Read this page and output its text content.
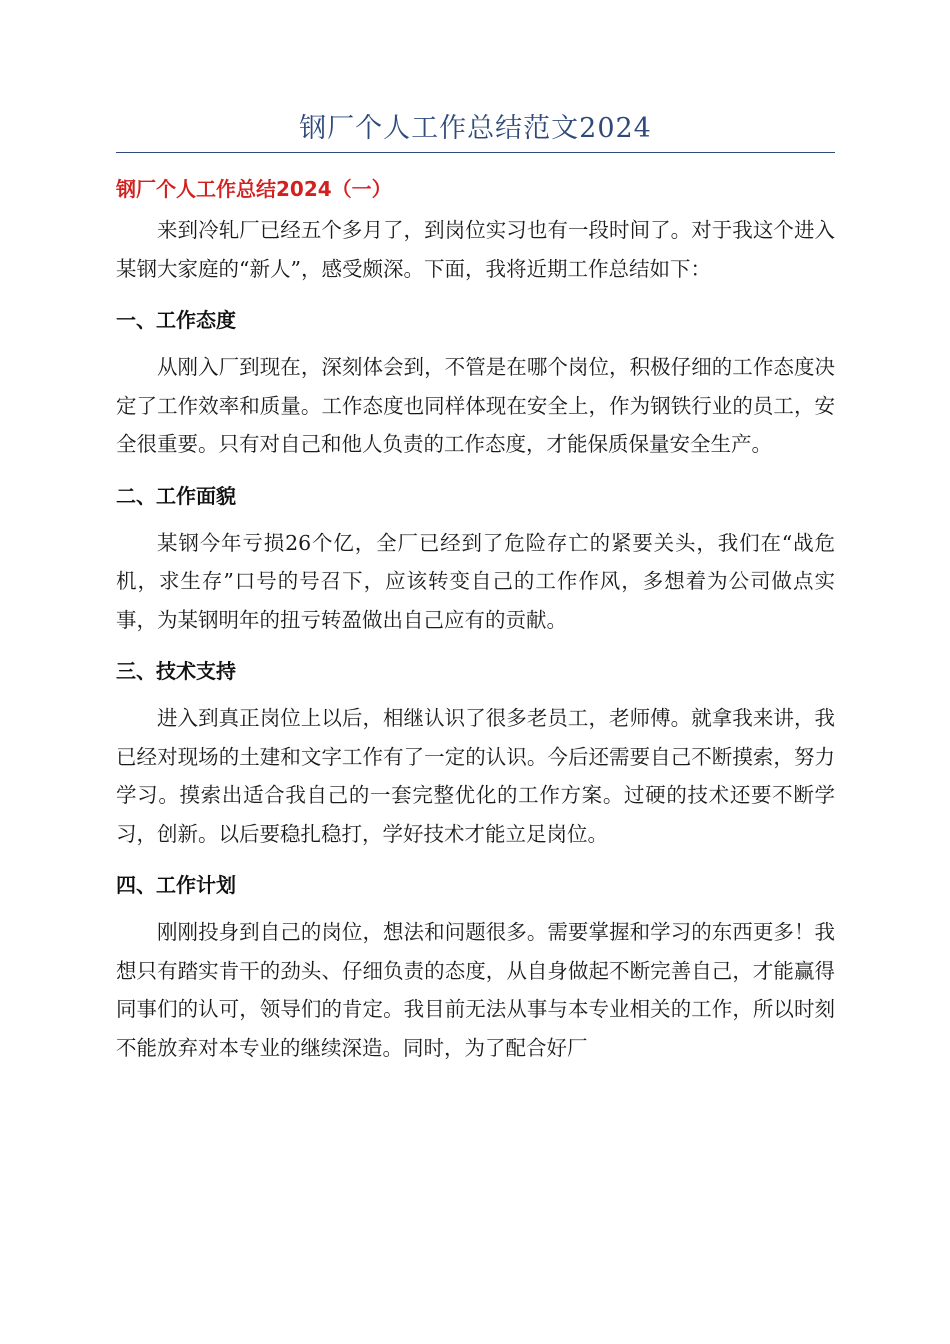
钢厂个人工作总结范文2024
钢厂个人工作总结2024（一）

来到冷轧厂已经五个多月了，到岗位实习也有一段时间了。对于我这个进入某钢大家庭的“新人”，感受颇深。下面，我将近期工作总结如下：

一、工作态度

从刚入厂到现在，深刻体会到，不管是在哪个岗位，积极仔细的工作态度决定了工作效率和质量。工作态度也同样体现在安全上，作为钢铁行业的员工，安全很重要。只有对自己和他人负责的工作态度，才能保质保量安全生产。

二、工作面貌

某钢今年亏损26个亿，全厂已经到了危险存亡的紧要关头，我们在“战危机，求生存”口号的号召下，应该转变自己的工作作风，多想着为公司做点实事，为某钢明年的扭亏转盈做出自己应有的贡献。

三、技术支持

进入到真正岗位上以后，相继认识了很多老员工，老师傅。就拿我来讲，我已经对现场的土建和文字工作有了一定的认识。今后还需要自己不断摸索，努力学习。摸索出适合我自己的一套完整优化的工作方案。过硬的技术还要不断学习，创新。以后要稳扎稳打，学好技术才能立足岗位。

四、工作计划

刚刚投身到自己的岗位，想法和问题很多。需要掌握和学习的东西更多！我想只有踏实肯干的劲头、仔细负责的态度，从自身做起不断完善自己，才能赢得同事们的认可，领导们的肯定。我目前无法从事与本专业相关的工作，所以时刻不能放弃对本专业的继续深造。同时，为了配合好厂
